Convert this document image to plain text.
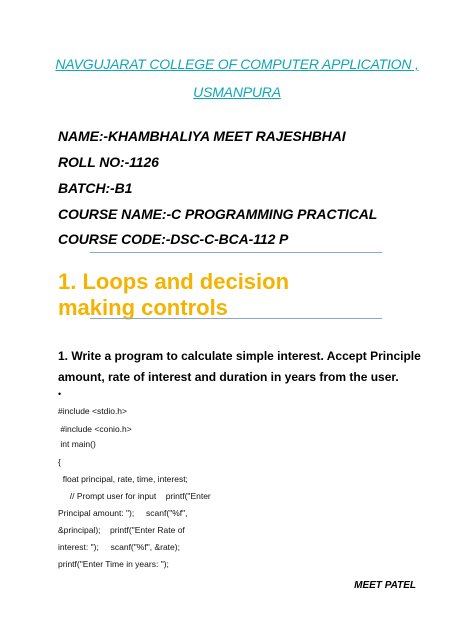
NAVGUJARAT COLLEGE OF COMPUTER APPLICATION ,
USMANPURA
NAME:-KHAMBHALIYA MEET RAJESHBHAI
ROLL NO:-1126
BATCH:-B1
COURSE NAME:-C PROGRAMMING PRACTICAL
COURSE CODE:-DSC-C-BCA-112 P
1. Loops and decision
making controls
1. Write a program to calculate simple interest. Accept Principle
amount, rate of interest and duration in years from the user.
•
#include <stdio.h>
#include <conio.h>
int main()
{
float principal, rate, time, interest;
// Prompt user for input    printf("Enter
Principal amount: ");     scanf("%f",
&principal);    printf("Enter Rate of
interest: ");     scanf("%f", &rate);
printf("Enter Time in years: ");
MEET PATEL
